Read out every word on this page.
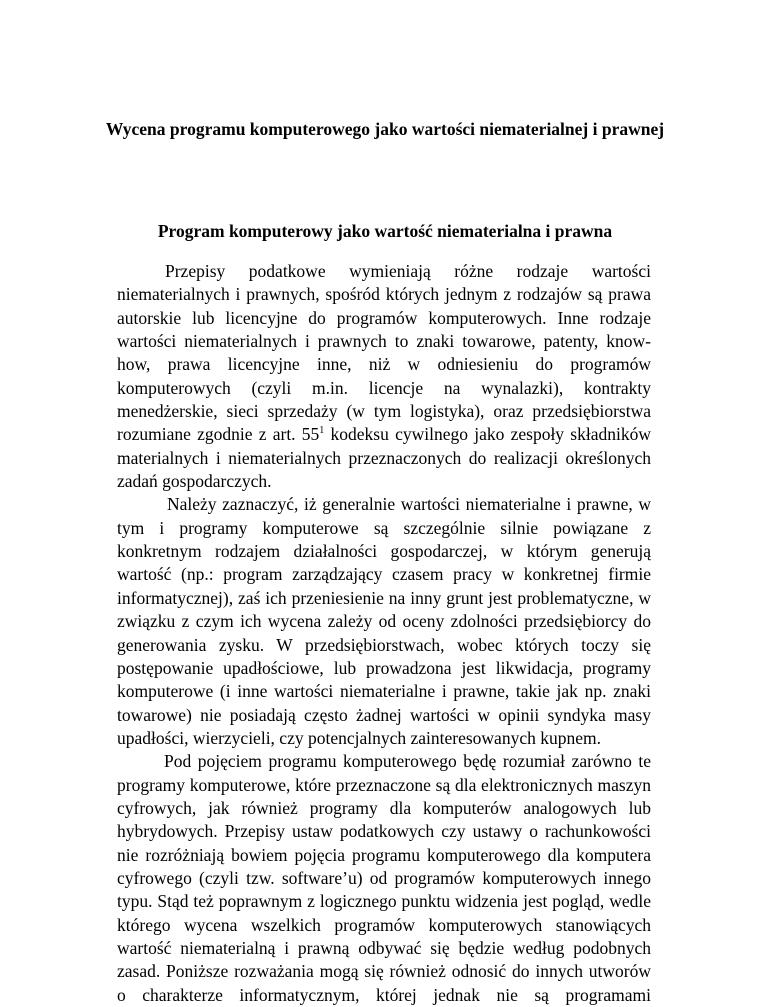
Wycena programu komputerowego jako wartości niematerialnej i prawnej
Program komputerowy jako wartość niematerialna i prawna

Przepisy podatkowe wymieniają różne rodzaje wartości niematerialnych i prawnych, spośród których jednym z rodzajów są prawa autorskie lub licencyjne do programów komputerowych. Inne rodzaje wartości niematerialnych i prawnych to znaki towarowe, patenty, know-how, prawa licencyjne inne, niż w odniesieniu do programów komputerowych (czyli m.in. licencje na wynalazki), kontrakty menedżerskie, sieci sprzedaży (w tym logistyka), oraz przedsiębiorstwa rozumiane zgodnie z art. $55^1$ kodeksu cywilnego jako zespoły składników materialnych i niematerialnych przeznaczonych do realizacji określonych zadań gospodarczych.

Należy zaznaczyć, iż generalnie wartości niematerialne i prawne, w tym i programy komputerowe są szczególnie silnie powiązane z konkretnym rodzajem działalności gospodarczej, w którym generują wartość (np.: program zarządzający czasem pracy w konkretnej firmie informatycznej), zaś ich przeniesienie na inny grunt jest problematyczne, w związku z czym ich wycena zależy od oceny zdolności przedsiębiorcy do generowania zysku. W przedsiębiorstwach, wobec których toczy się postępowanie upadłościowe, lub prowadzona jest likwidacja, programy komputerowe (i inne wartości niematerialne i prawne, takie jak np. znaki towarowe) nie posiadają często żadnej wartości w opinii syndyka masy upadłości, wierzycieli, czy potencjalnych zainteresowanych kupnem.

Pod pojęciem programu komputerowego będę rozumiał zarówno te programy komputerowe, które przeznaczone są dla elektronicznych maszyn cyfrowych, jak również programy dla komputerów analogowych lub hybrydowych. Przepisy ustaw podatkowych czy ustawy o rachunkowości nie rozróżniają bowiem pojęcia programu komputerowego dla komputera cyfrowego (czyli tzw. software’u) od programów komputerowych innego typu. Stąd też poprawnym z logicznego punktu widzenia jest pogląd, wedle którego wycena wszelkich programów komputerowych stanowiących wartość niematerialną i prawną odbywać się będzie według podobnych zasad. Poniższe rozważania mogą się również odnosić do innych utworów o charakterze informatycznym, której jednak nie są programami
